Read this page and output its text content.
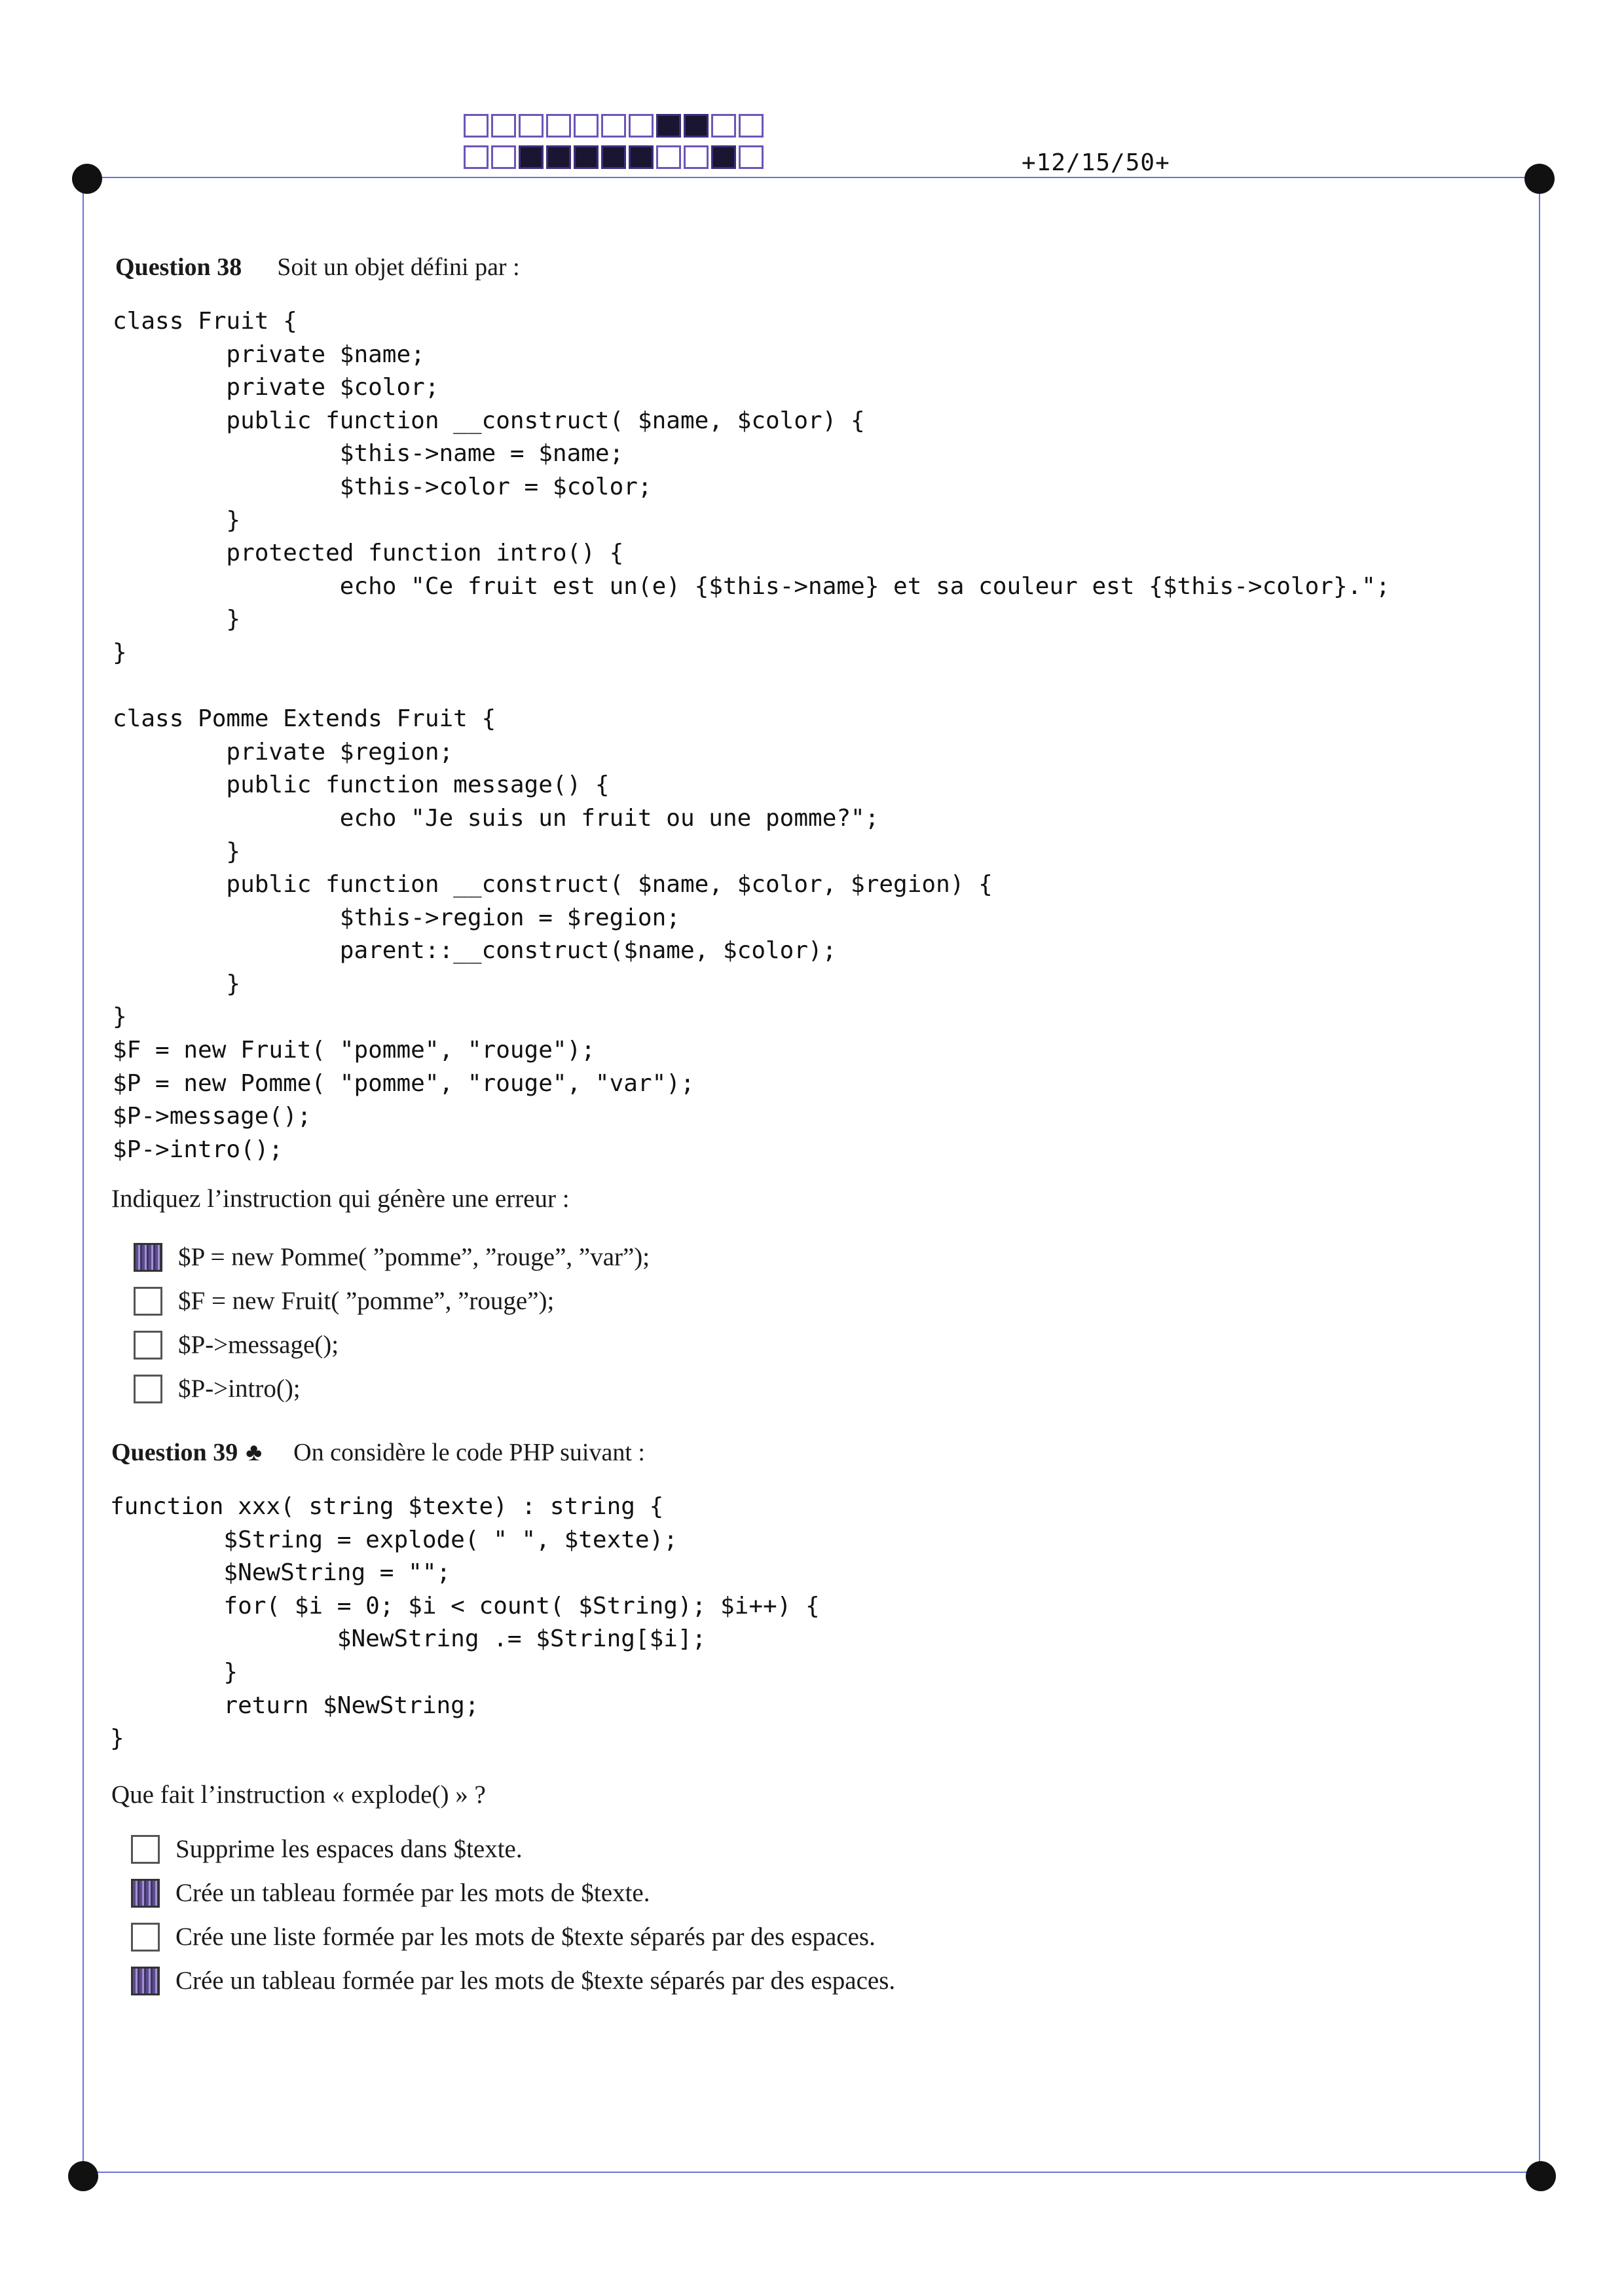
+12/15/50+
Question 38 Soit un objet défini par :
class Fruit {
private $name;
private $color;
public function __construct( $name, $color) {
$this->name = $name;
$this->color = $color;
}
protected function intro() {
echo "Ce fruit est un(e) {$this->name} et sa couleur est {$this->color}.";
}
}

class Pomme Extends Fruit {
private $region;
public function message() {
echo "Je suis un fruit ou une pomme?";
}
public function __construct( $name, $color, $region) {
$this->region = $region;
parent::__construct($name, $color);
}
}
$F = new Fruit( "pomme", "rouge");
$P = new Pomme( "pomme", "rouge", "var");
$P->message();
$P->intro();
Indiquez l’instruction qui génère une erreur :
$P = new Pomme( ”pomme”, ”rouge”, ”var”);
$F = new Fruit( ”pomme”, ”rouge”);
$P->message();
$P->intro();
Question 39 ♣ On considère le code PHP suivant :
function xxx( string $texte) : string {
$String = explode( " ", $texte);
$NewString = "";
for( $i = 0; $i < count( $String); $i++) {
$NewString .= $String[$i];
}
return $NewString;
}
Que fait l’instruction « explode() » ?
Supprime les espaces dans $texte.
Crée un tableau formée par les mots de $texte.
Crée une liste formée par les mots de $texte séparés par des espaces.
Crée un tableau formée par les mots de $texte séparés par des espaces.
